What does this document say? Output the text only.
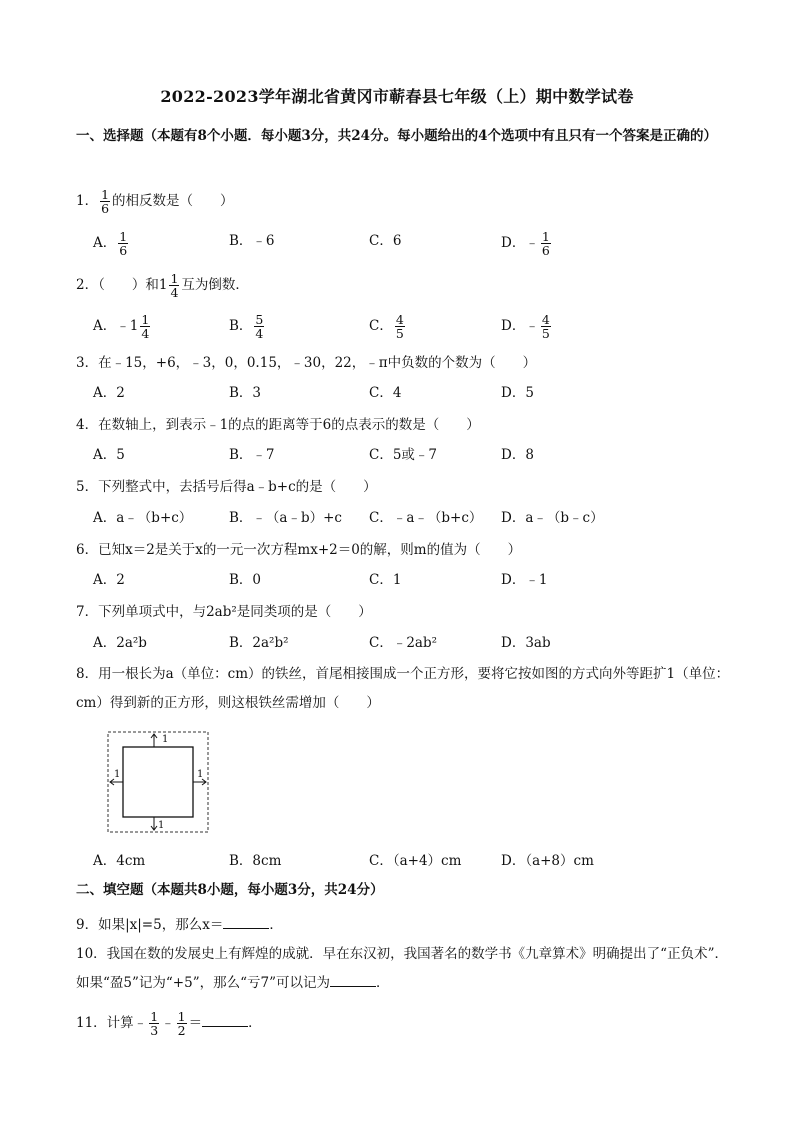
2022-2023学年湖北省黄冈市蕲春县七年级（上）期中数学试卷
一、选择题（本题有8个小题．每小题3分，共24分。每小题给出的4个选项中有且只有一个答案是正确的）
1． $\frac{1}{6}$ 的相反数是（　　）
A． $\frac{1}{6}$	B．﹣6	C．6	D．﹣ $\frac{1}{6}$
2．（　　）和$1 \frac{1}{4}$ 互为倒数．
A．﹣1 $\frac{1}{4}$	B． $\frac{5}{4}$	C． $\frac{4}{5}$	D．﹣ $\frac{4}{5}$
3．在﹣15，+6，﹣3，0，0.15，﹣30，22，﹣π中负数的个数为（　　）
A．2	B．3	C．4	D．5
4．在数轴上，到表示﹣1的点的距离等于6的点表示的数是（　　）
A．5	B．﹣7	C．5或﹣7	D．8
5．下列整式中，去括号后得a﹣b+c的是（　　）
A．a﹣（b+c）	B．﹣（a﹣b）+c C．﹣a﹣（b+c） D．a﹣（b﹣c）
6．已知x＝2是关于x的一元一次方程mx+2＝0的解，则m的值为（　　）
A．2	B．0	C．1	D．﹣1
7．下列单项式中，与2ab²是同类项的是（　　）
A．2a²b	B．2a²b²	C．﹣2ab²	D．3ab
8．用一根长为a（单位：cm）的铁丝，首尾相接围成一个正方形，要将它按如图的方式向外等距扩1（单位：cm）得到新的正方形，则这根铁丝需增加（　　）
1
1
1	1
A．4cm	B．8cm	C．（a+4）cm	D．（a+8）cm
二、填空题（本题共8小题，每小题3分，共24分）
9．如果|x|=5，那么x＝	．
10．我国在数的发展史上有辉煌的成就．早在东汉初，我国著名的数学书《九章算术》明确提出了“正负术”．如果“盈5”记为“+5”，那么“亏7”可以记为	．
11．计算﹣ $\frac{1}{3}$ ﹣ $\frac{1}{2}$ ＝	．
